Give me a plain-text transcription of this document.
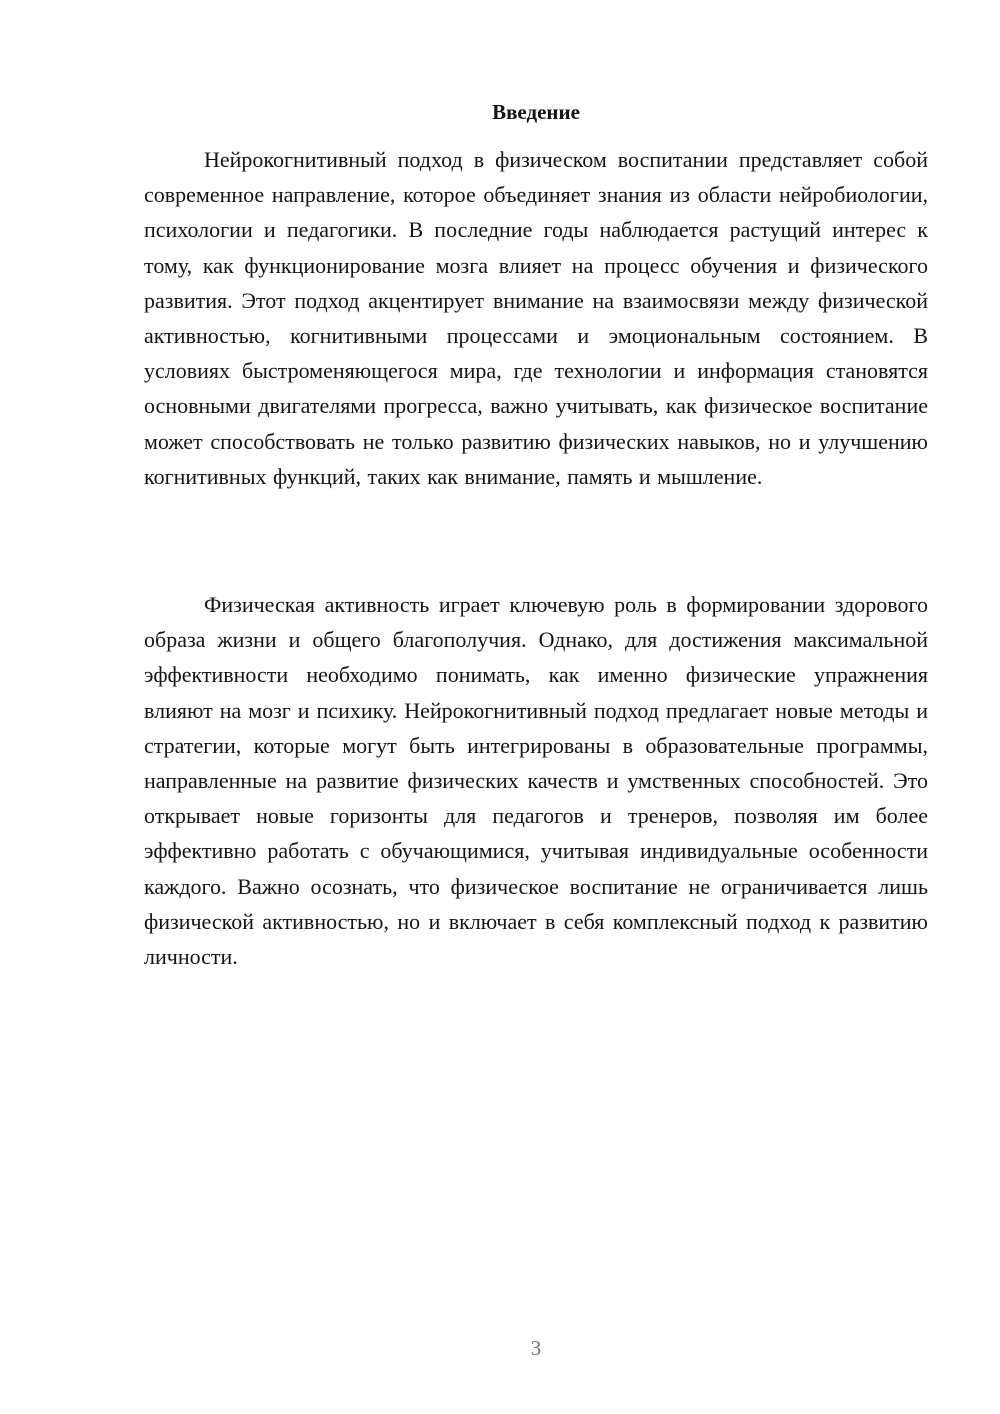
Введение

Нейрокогнитивный подход в физическом воспитании представляет собой современное направление, которое объединяет знания из области нейробиологии, психологии и педагогики. В последние годы наблюдается растущий интерес к тому, как функционирование мозга влияет на процесс обучения и физического развития. Этот подход акцентирует внимание на взаимосвязи между физической активностью, когнитивными процессами и эмоциональным состоянием. В условиях быстроменяющегося мира, где технологии и информация становятся основными двигателями прогресса, важно учитывать, как физическое воспитание может способствовать не только развитию физических навыков, но и улучшению когнитивных функций, таких как внимание, память и мышление.

Физическая активность играет ключевую роль в формировании здорового образа жизни и общего благополучия. Однако, для достижения максимальной эффективности необходимо понимать, как именно физические упражнения влияют на мозг и психику. Нейрокогнитивный подход предлагает новые методы и стратегии, которые могут быть интегрированы в образовательные программы, направленные на развитие физических качеств и умственных способностей. Это открывает новые горизонты для педагогов и тренеров, позволяя им более эффективно работать с обучающимися, учитывая индивидуальные особенности каждого. Важно осознать, что физическое воспитание не ограничивается лишь физической активностью, но и включает в себя комплексный подход к развитию личности.

3
